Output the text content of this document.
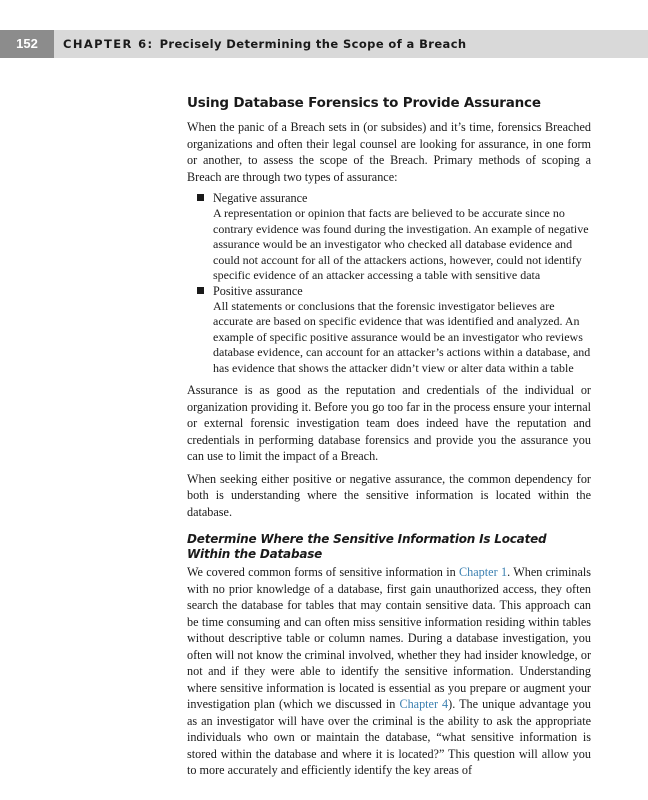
152	CHAPTER 6: Precisely Determining the Scope of a Breach
Using Database Forensics to Provide Assurance

When the panic of a Breach sets in (or subsides) and it’s time, forensics Breached organizations and often their legal counsel are looking for assurance, in one form or another, to assess the scope of the Breach. Primary methods of scoping a Breach are through two types of assurance:

Negative assurance
A representation or opinion that facts are believed to be accurate since no contrary evidence was found during the investigation. An example of negative assurance would be an investigator who checked all database evidence and could not account for all of the attackers actions, however, could not identify specific evidence of an attacker accessing a table with sensitive data
Positive assurance
All statements or conclusions that the forensic investigator believes are accurate are based on specific evidence that was identified and analyzed. An example of specific positive assurance would be an investigator who reviews database evidence, can account for an attacker’s actions within a database, and has evidence that shows the attacker didn’t view or alter data within a table

Assurance is as good as the reputation and credentials of the individual or organization providing it. Before you go too far in the process ensure your internal or external forensic investigation team does indeed have the reputation and credentials in performing database forensics and provide you the assurance you can use to limit the impact of a Breach.

When seeking either positive or negative assurance, the common dependency for both is understanding where the sensitive information is located within the database.

Determine Where the Sensitive Information Is Located Within the Database

We covered common forms of sensitive information in Chapter 1. When criminals with no prior knowledge of a database, first gain unauthorized access, they often search the database for tables that may contain sensitive data. This approach can be time consuming and can often miss sensitive information residing within tables without descriptive table or column names. During a database investigation, you often will not know the criminal involved, whether they had insider knowledge, or not and if they were able to identify the sensitive information. Understanding where sensitive information is located is essential as you prepare or augment your investigation plan (which we discussed in Chapter 4). The unique advantage you as an investigator will have over the criminal is the ability to ask the appropriate individuals who own or maintain the database, “what sensitive information is stored within the database and where it is located?” This question will allow you to more accurately and efficiently identify the key areas of
